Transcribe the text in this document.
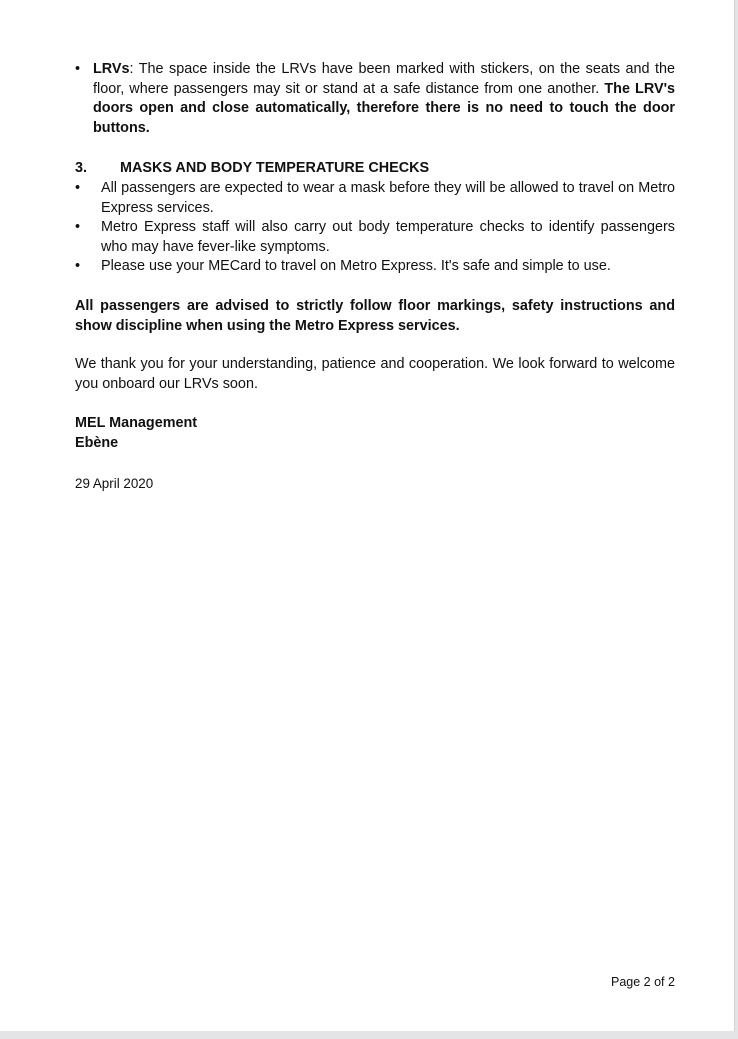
• LRVs: The space inside the LRVs have been marked with stickers, on the seats and the floor, where passengers may sit or stand at a safe distance from one another. The LRV's doors open and close automatically, therefore there is no need to touch the door buttons.
3.	MASKS AND BODY TEMPERATURE CHECKS
• All passengers are expected to wear a mask before they will be allowed to travel on Metro Express services.
• Metro Express staff will also carry out body temperature checks to identify passengers who may have fever-like symptoms.
• Please use your MECard to travel on Metro Express. It's safe and simple to use.
All passengers are advised to strictly follow floor markings, safety instructions and show discipline when using the Metro Express services.
We thank you for your understanding, patience and cooperation. We look forward to welcome you onboard our LRVs soon.
MEL Management
Ebène
29 April 2020
Page 2 of 2
